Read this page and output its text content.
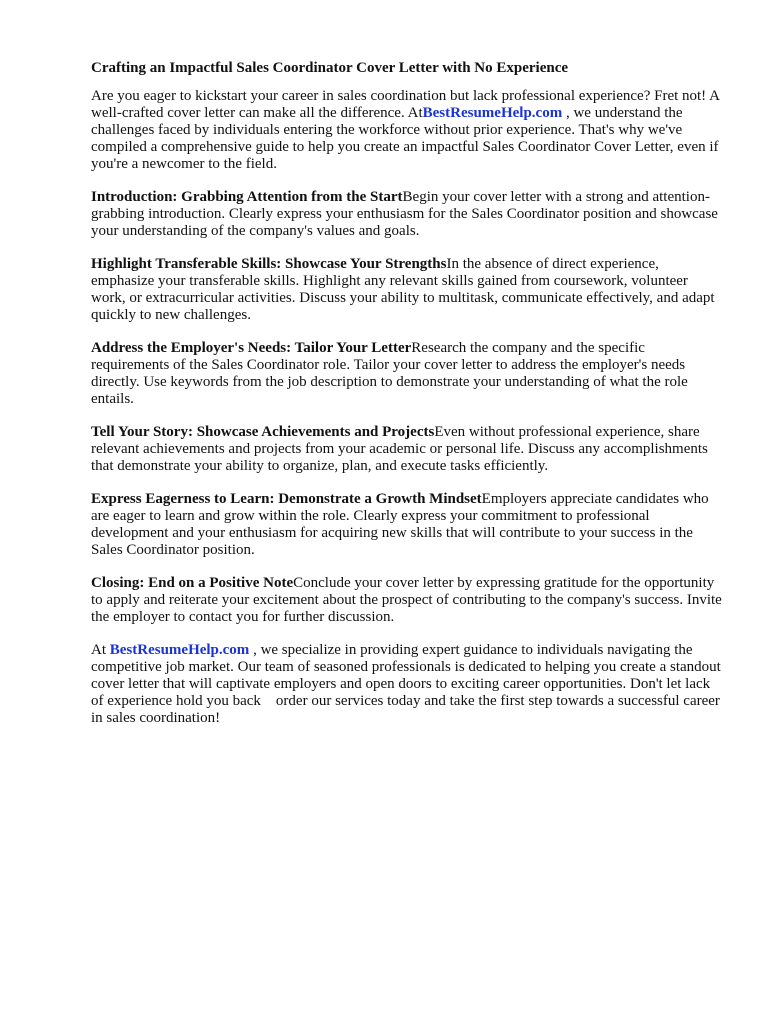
Crafting an Impactful Sales Coordinator Cover Letter with No Experience

Are you eager to kickstart your career in sales coordination but lack professional experience? Fret not! A well-crafted cover letter can make all the difference. AtBestResumeHelp.com , we understand the challenges faced by individuals entering the workforce without prior experience. That's why we've compiled a comprehensive guide to help you create an impactful Sales Coordinator Cover Letter, even if you're a newcomer to the field.

Introduction: Grabbing Attention from the StartBegin your cover letter with a strong and attention-grabbing introduction. Clearly express your enthusiasm for the Sales Coordinator position and showcase your understanding of the company's values and goals.

Highlight Transferable Skills: Showcase Your StrengthsIn the absence of direct experience, emphasize your transferable skills. Highlight any relevant skills gained from coursework, volunteer work, or extracurricular activities. Discuss your ability to multitask, communicate effectively, and adapt quickly to new challenges.

Address the Employer's Needs: Tailor Your LetterResearch the company and the specific requirements of the Sales Coordinator role. Tailor your cover letter to address the employer's needs directly. Use keywords from the job description to demonstrate your understanding of what the role entails.

Tell Your Story: Showcase Achievements and ProjectsEven without professional experience, share relevant achievements and projects from your academic or personal life. Discuss any accomplishments that demonstrate your ability to organize, plan, and execute tasks efficiently.

Express Eagerness to Learn: Demonstrate a Growth MindsetEmployers appreciate candidates who are eager to learn and grow within the role. Clearly express your commitment to professional development and your enthusiasm for acquiring new skills that will contribute to your success in the Sales Coordinator position.

Closing: End on a Positive NoteConclude your cover letter by expressing gratitude for the opportunity to apply and reiterate your excitement about the prospect of contributing to the company's success. Invite the employer to contact you for further discussion.

At BestResumeHelp.com , we specialize in providing expert guidance to individuals navigating the competitive job market. Our team of seasoned professionals is dedicated to helping you create a standout cover letter that will captivate employers and open doors to exciting career opportunities. Don't let lack of experience hold you back    order our services today and take the first step towards a successful career in sales coordination!
